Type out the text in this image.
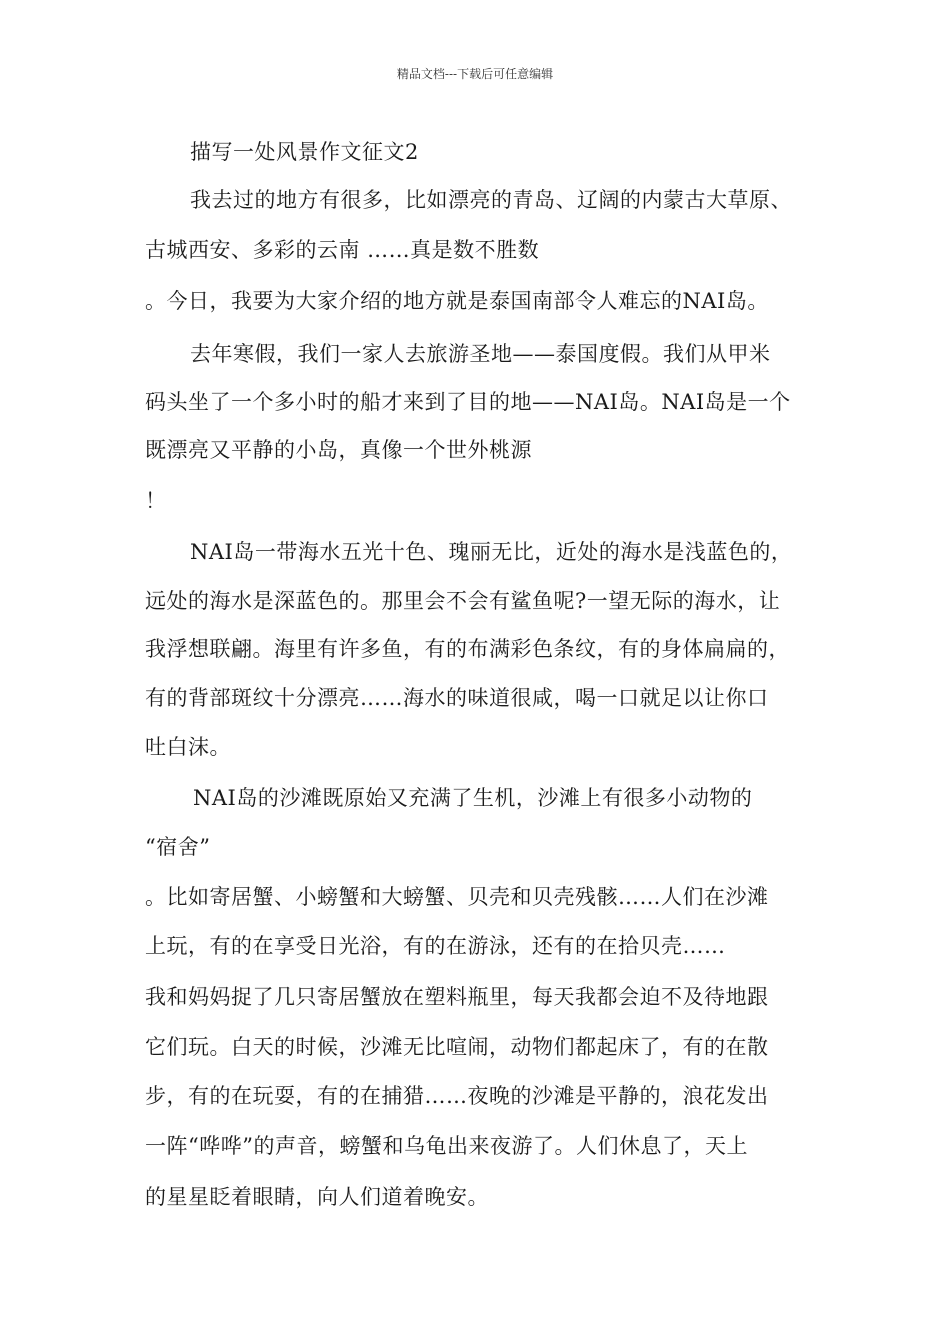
精品文档---下载后可任意编辑
描写一处风景作文征文2
我去过的地方有很多，比如漂亮的青岛、辽阔的内蒙古大草原、
古城西安、多彩的云南 ……真是数不胜数
。今日，我要为大家介绍的地方就是泰国南部令人难忘的NAI岛。
去年寒假，我们一家人去旅游圣地——泰国度假。我们从甲米
码头坐了一个多小时的船才来到了目的地——NAI岛。NAI岛是一个
既漂亮又平静的小岛，真像一个世外桃源
！
NAI岛一带海水五光十色、瑰丽无比，近处的海水是浅蓝色的，
远处的海水是深蓝色的。那里会不会有鲨鱼呢?一望无际的海水，让
我浮想联翩。海里有许多鱼，有的布满彩色条纹，有的身体扁扁的，
有的背部斑纹十分漂亮……海水的味道很咸，喝一口就足以让你口
吐白沫。
NAI岛的沙滩既原始又充满了生机，沙滩上有很多小动物的
“宿舍”
。比如寄居蟹、小螃蟹和大螃蟹、贝壳和贝壳残骸……人们在沙滩
上玩，有的在享受日光浴，有的在游泳，还有的在拾贝壳……
我和妈妈捉了几只寄居蟹放在塑料瓶里，每天我都会迫不及待地跟
它们玩。白天的时候，沙滩无比喧闹，动物们都起床了，有的在散
步，有的在玩耍，有的在捕猎……夜晚的沙滩是平静的，浪花发出
一阵“哗哗”的声音，螃蟹和乌龟出来夜游了。人们休息了，天上
的星星眨着眼睛，向人们道着晚安。
